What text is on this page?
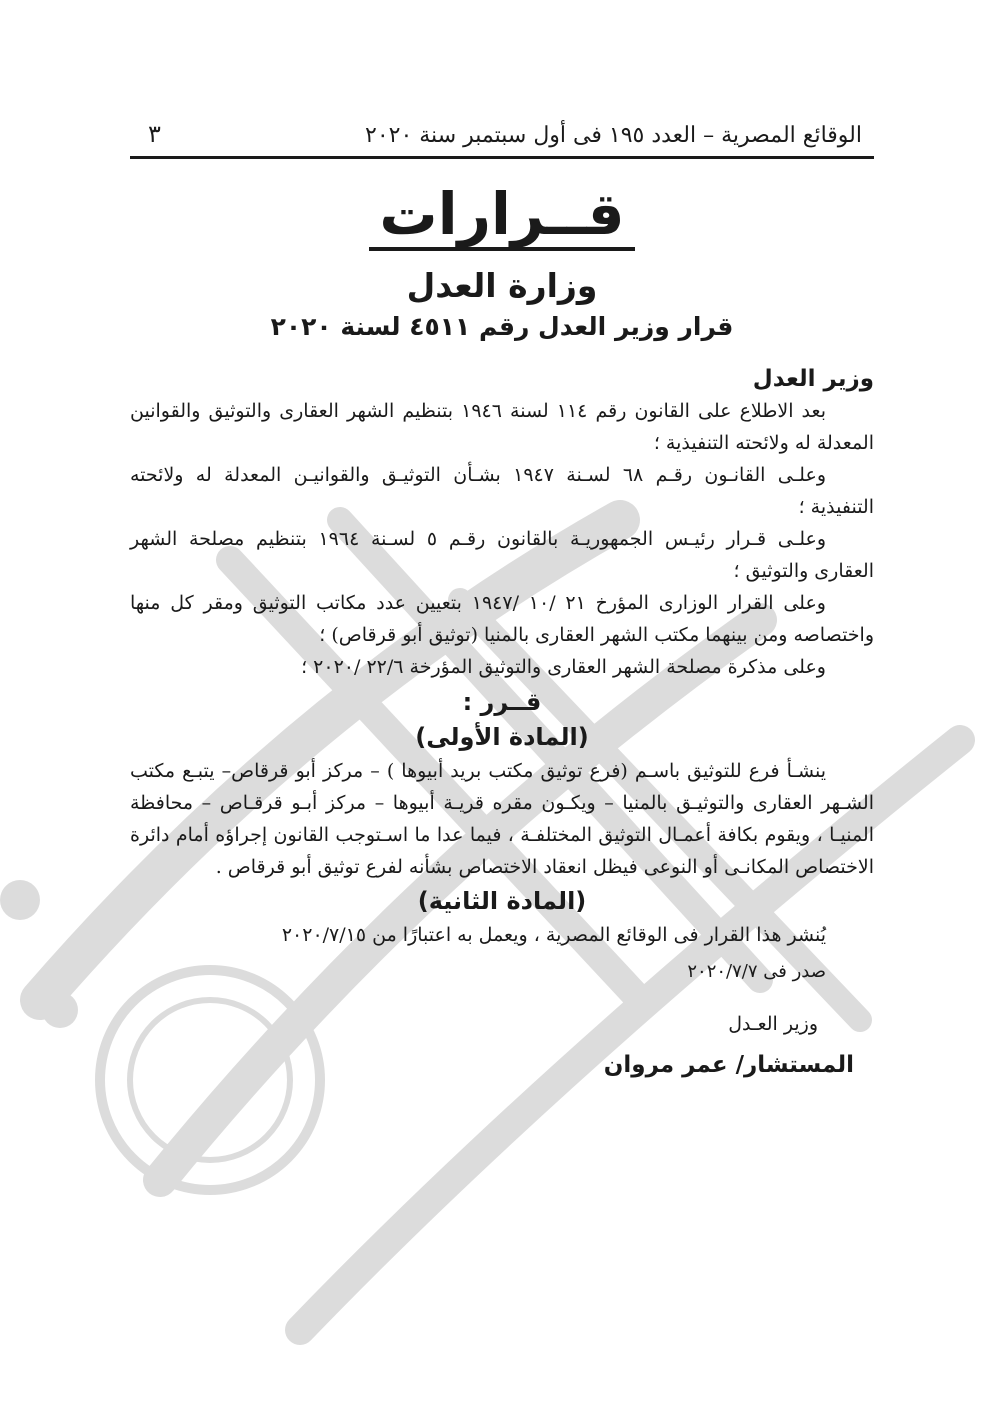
الوقائع المصرية – العدد ١٩٥ فى أول سبتمبر سنة ٢٠٢٠
٣
قــرارات
وزارة العدل
قرار وزير العدل رقم ٤٥١١ لسنة ٢٠٢٠
وزير العدل

بعد الاطلاع على القانون رقم ١١٤ لسنة ١٩٤٦ بتنظيم الشهر العقارى والتوثيق والقوانين المعدلة له ولائحته التنفيذية ؛

وعلـى القانـون رقـم ٦٨ لسـنة ١٩٤٧ بشـأن التوثيـق والقوانيـن المعدلة له ولائحته التنفيذية ؛

وعلـى قـرار رئيـس الجمهوريـة بالقانون رقـم ٥ لسـنة ١٩٦٤ بتنظيم مصلحة الشهر العقارى والتوثيق ؛

وعلى القرار الوزارى المؤرخ ٢١ /١٠ /١٩٤٧ بتعيين عدد مكاتب التوثيق ومقر كل منها واختصاصه ومن بينهما مكتب الشهر العقارى بالمنيا (توثيق أبو قرقاص) ؛

وعلى مذكرة مصلحة الشهر العقارى والتوثيق المؤرخة ٢٢/٦ /٢٠٢٠ ؛

قــرر :
(المادة الأولى)

ينشـأ فرع للتوثيق باسـم (فرع توثيق مكتب بريد أبيوها ) – مركز أبو قرقاص– يتبـع مكتب الشـهر العقارى والتوثيـق بالمنيا – ويكـون مقره قريـة أبيوها – مركز أبـو قرقـاص – محافظة المنيـا ، ويقوم بكافة أعمـال التوثيق المختلفـة ، فيما عدا ما اسـتوجب القانون إجراؤه أمام دائرة الاختصاص المكانـى أو النوعى فيظل انعقاد الاختصاص بشأنه لفرع توثيق أبو قرقاص .

(المادة الثانية)

يُنشر هذا القرار فى الوقائع المصرية ، ويعمل به اعتبارًا من ٢٠٢٠/٧/١٥

صدر فى ٢٠٢٠/٧/٧
وزير العـدل
المستشار/ عمر مروان
